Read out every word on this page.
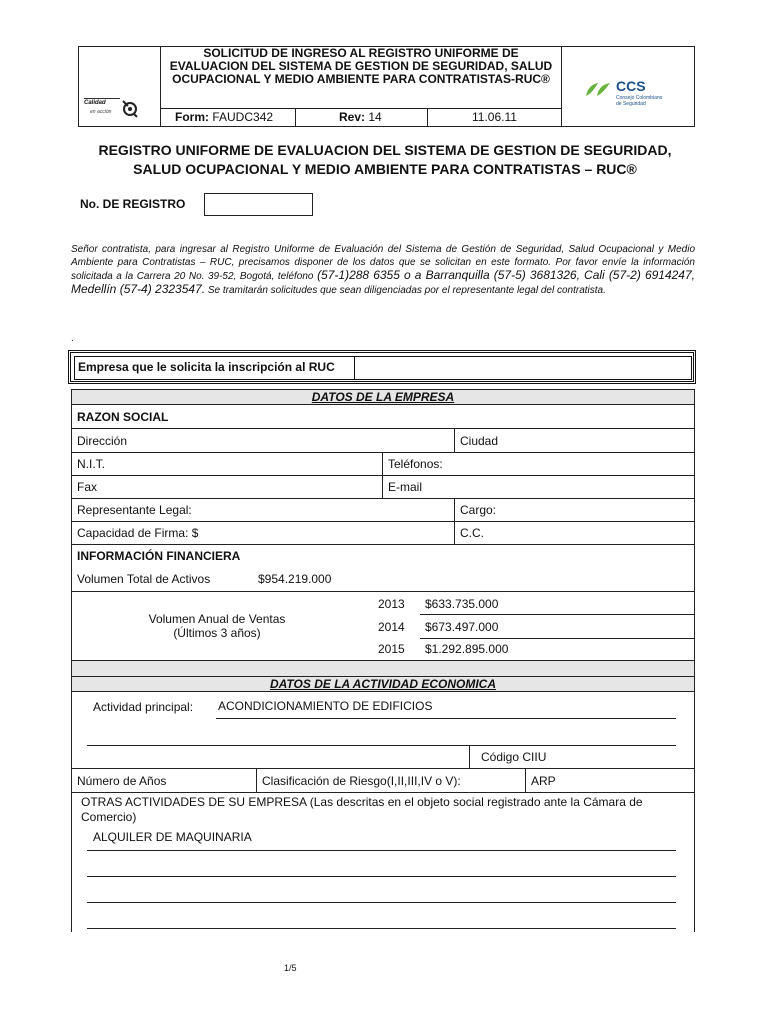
Calidad
en acción
SOLICITUD DE INGRESO AL REGISTRO UNIFORME DE EVALUACION DEL SISTEMA DE GESTION DE SEGURIDAD, SALUD OCUPACIONAL Y MEDIO AMBIENTE PARA CONTRATISTAS-RUC®
Form: FAUDC342	Rev: 14	11.06.11
CCS
Consejo Colombiano
de Seguridad
REGISTRO UNIFORME DE EVALUACION DEL SISTEMA DE GESTION DE SEGURIDAD,
SALUD OCUPACIONAL Y MEDIO AMBIENTE PARA CONTRATISTAS – RUC®
No. DE REGISTRO
Señor contratista, para ingresar al Registro Uniforme de Evaluación del Sistema de Gestión de Seguridad, Salud Ocupacional y Medio Ambiente para Contratistas – RUC, precisamos disponer de los datos que se solicitan en este formato. Por favor envíe la información solicitada a la Carrera 20 No. 39-52, Bogotá, teléfono (57-1)288 6355 o a Barranquilla (57-5) 3681326, Cali (57-2) 6914247, Medellín (57-4) 2323547. Se tramitarán solicitudes que sean diligenciadas por el representante legal del contratista.
.
Empresa que le solicita la inscripción al RUC
DATOS DE LA EMPRESA
RAZON SOCIAL
Dirección	Ciudad
N.I.T.	Teléfonos:
Fax	E-mail
Representante Legal:	Cargo:
Capacidad de Firma: $	C.C.
INFORMACIÓN FINANCIERA
Volumen Total de Activos	$954.219.000
Volumen Anual de Ventas
(Últimos 3 años)
2013 $633.735.000
2014 $673.497.000
2015 $1.292.895.000
DATOS DE LA ACTIVIDAD ECONOMICA
Actividad principal: ACONDICIONAMIENTO DE EDIFICIOS
Código CIIU
Número de Años	Clasificación de Riesgo(I,II,III,IV o V):	ARP
OTRAS ACTIVIDADES DE SU EMPRESA (Las descritas en el objeto social registrado ante la Cámara de Comercio)
ALQUILER DE MAQUINARIA
1/5
